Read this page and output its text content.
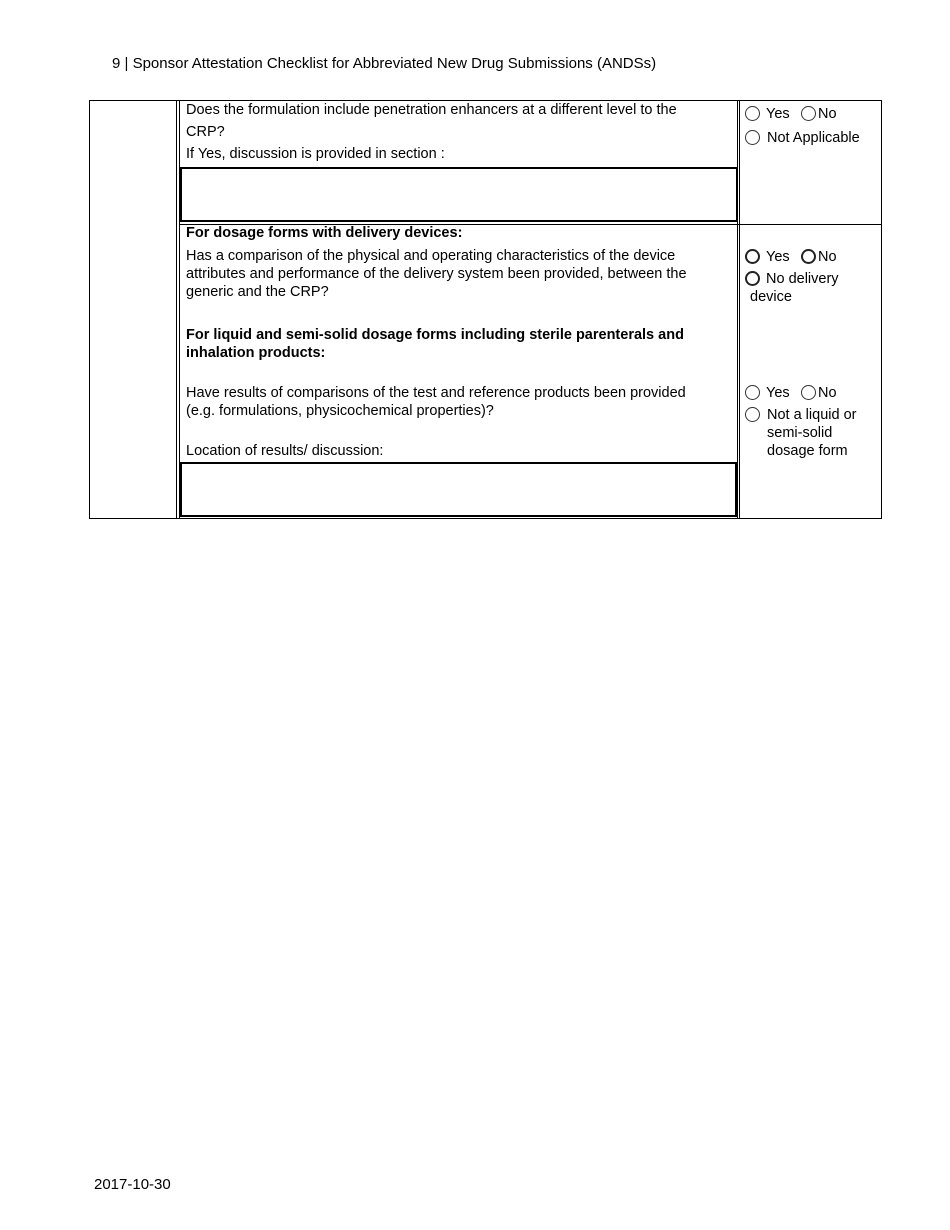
9 | Sponsor Attestation Checklist for Abbreviated New Drug Submissions (ANDSs)
Does the formulation include penetration enhancers at a different level to the
CRP?
If Yes, discussion is provided in section :
Yes No
Not Applicable
For dosage forms with delivery devices:
Has a comparison of the physical and operating characteristics of the device
attributes and performance of the delivery system been provided, between the
generic and the CRP?
Yes No
No delivery
device
For liquid and semi-solid dosage forms including sterile parenterals and
inhalation products:
Have results of comparisons of the test and reference products been provided
(e.g. formulations, physicochemical properties)?
Location of results/ discussion:
Yes No
Not a liquid or
semi-solid
dosage form
2017-10-30
